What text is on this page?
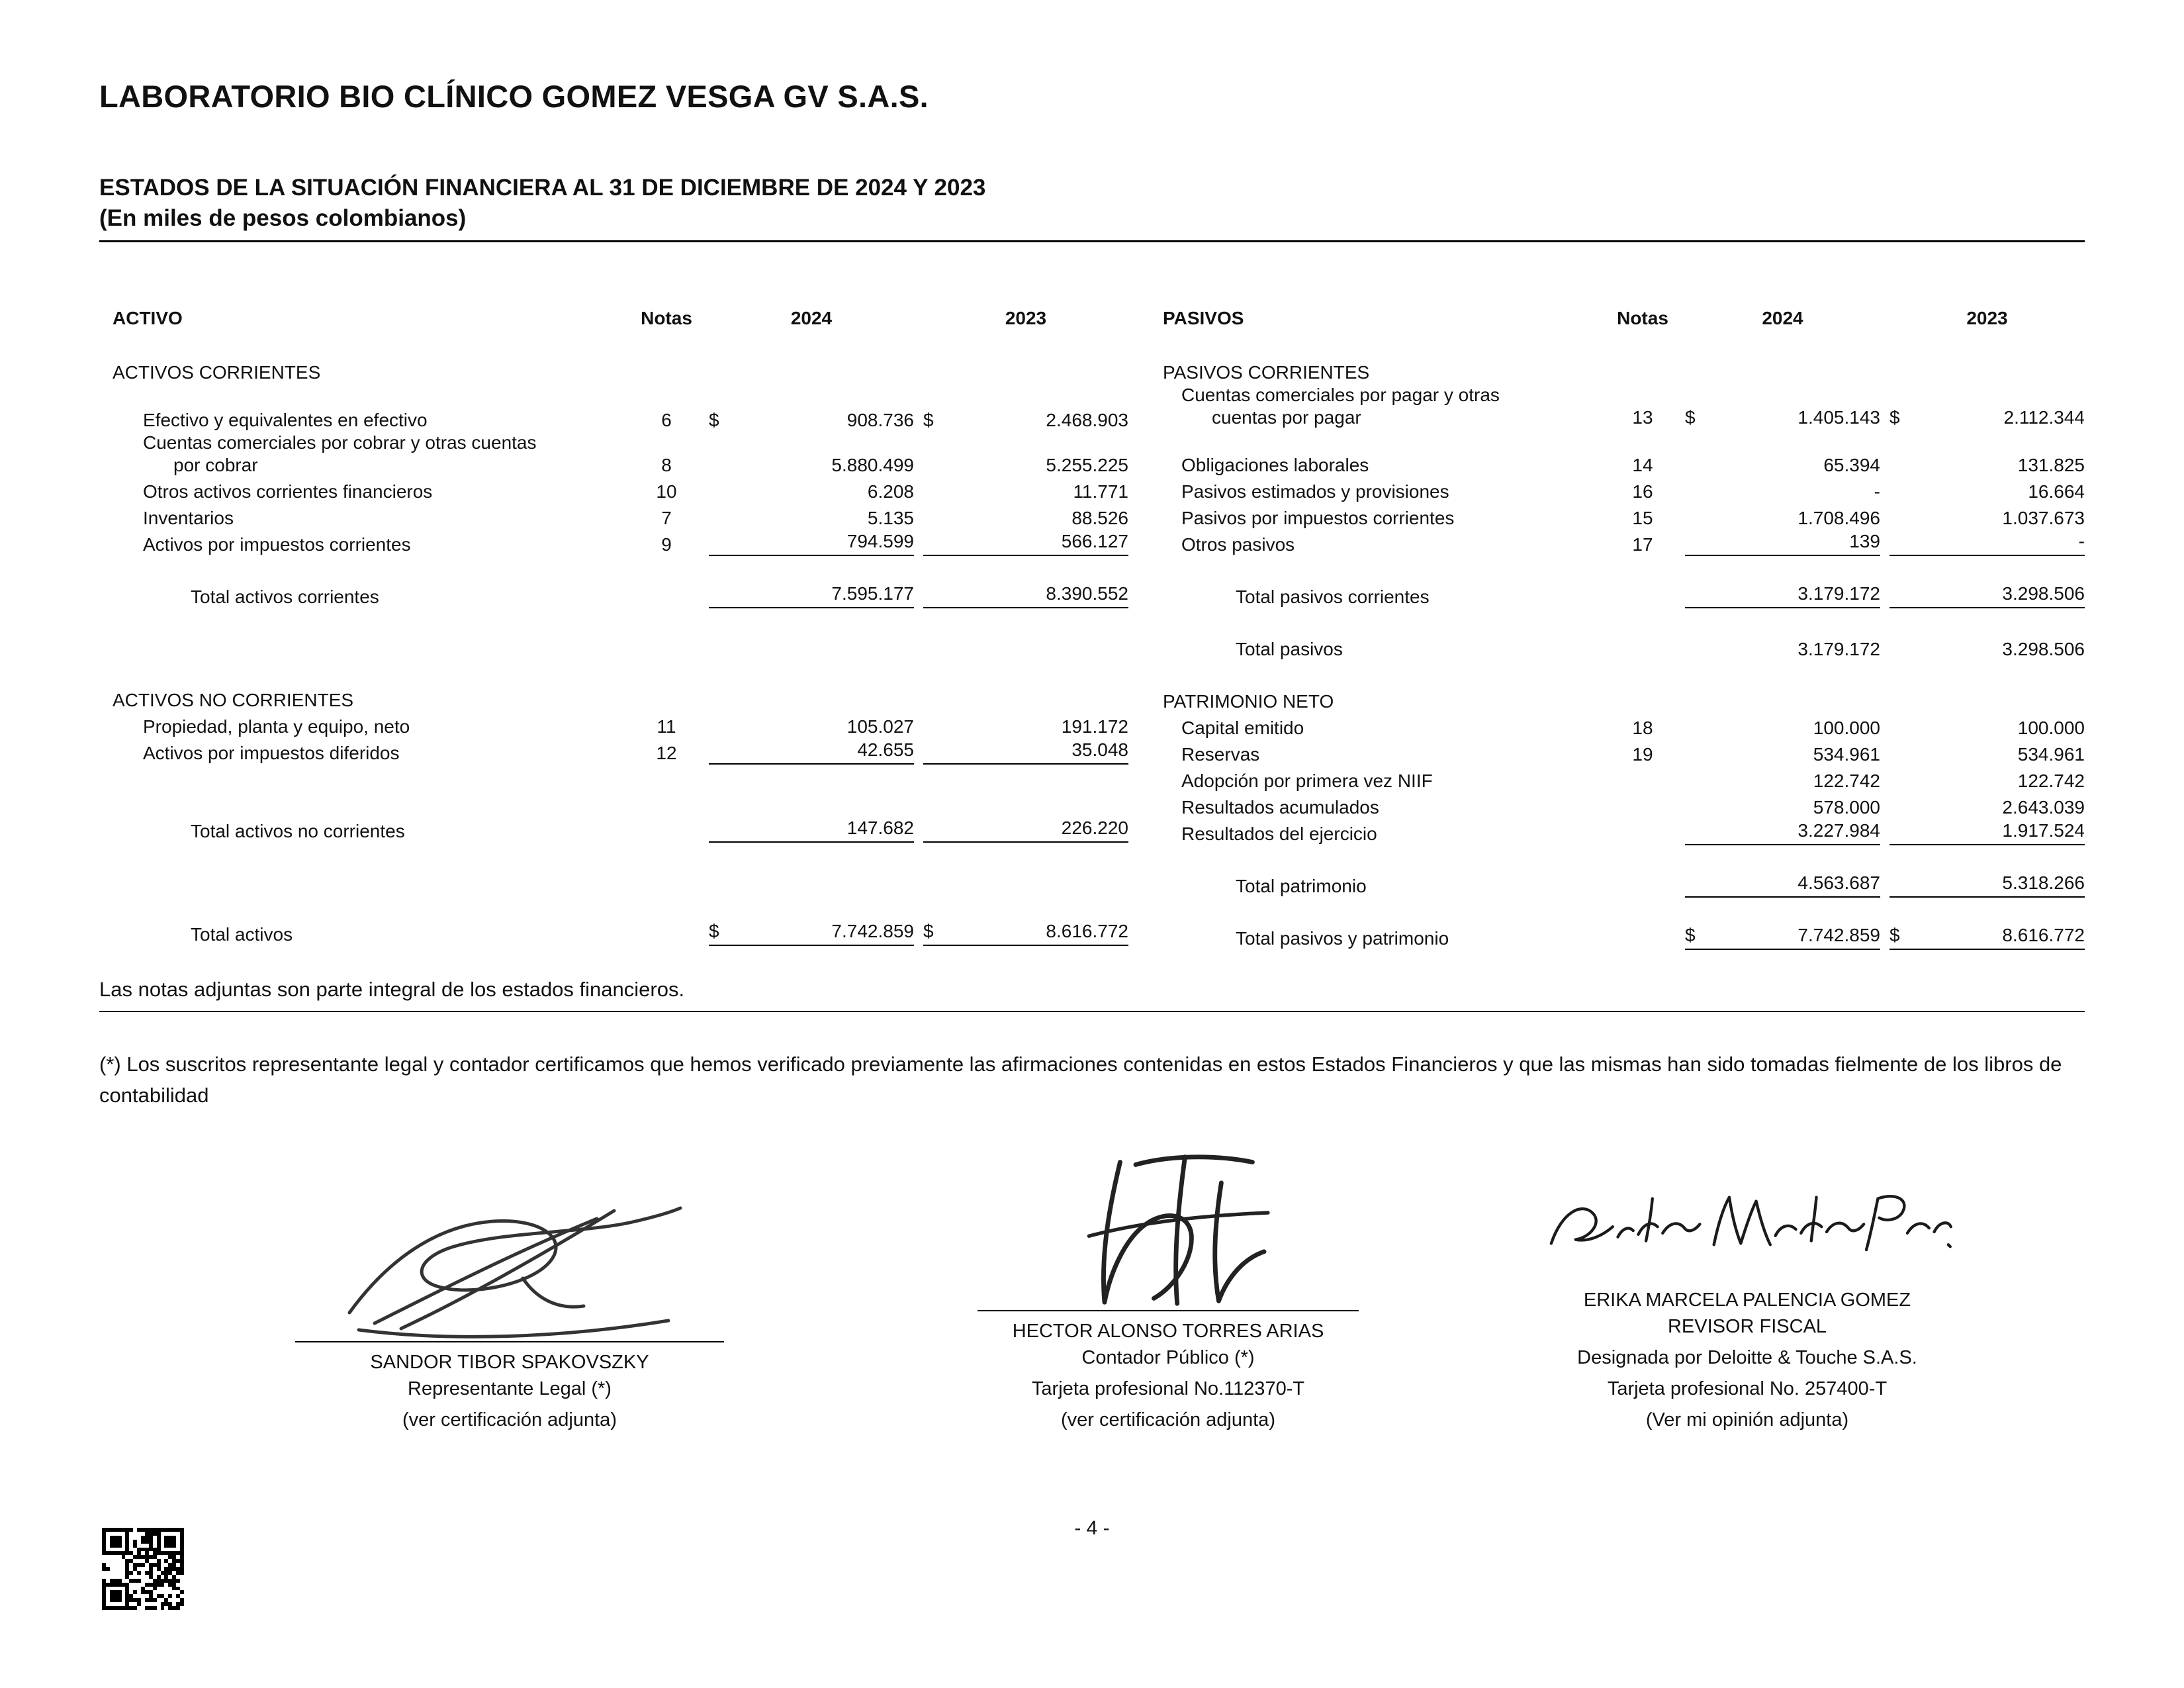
LABORATORIO BIO CLÍNICO GOMEZ VESGA GV S.A.S.
ESTADOS DE LA SITUACIÓN FINANCIERA AL 31 DE DICIEMBRE DE 2024 Y 2023
(En miles de pesos colombianos)
ACTIVO	Notas	2024	2023
ACTIVOS CORRIENTES
Efectivo y equivalentes en efectivo	6	$	908.736 $	2.468.903
Cuentas comerciales por cobrar y otras cuentas
por cobrar	8	5.880.499	5.255.225
Otros activos corrientes financieros	10	6.208	11.771
Inventarios	7	5.135	88.526
Activos por impuestos corrientes	9	794.599	566.127
Total activos corrientes	7.595.177	8.390.552
ACTIVOS NO CORRIENTES
Propiedad, planta y equipo, neto	11	105.027	191.172
Activos por impuestos diferidos	12	42.655	35.048
Total activos no corrientes	147.682	226.220
Total activos	$	7.742.859 $	8.616.772
PASIVOS	Notas	2024	2023
PASIVOS CORRIENTES
Cuentas comerciales por pagar y otras
cuentas por pagar	13	$	1.405.143 $	2.112.344
Obligaciones laborales	14	65.394	131.825
Pasivos estimados y provisiones	16	-	16.664
Pasivos por impuestos corrientes	15	1.708.496	1.037.673
Otros pasivos	17	139	-
Total pasivos corrientes	3.179.172	3.298.506
Total pasivos	3.179.172	3.298.506
PATRIMONIO NETO
Capital emitido	18	100.000	100.000
Reservas	19	534.961	534.961
Adopción por primera vez NIIF	122.742	122.742
Resultados acumulados	578.000	2.643.039
Resultados del ejercicio	3.227.984	1.917.524
Total patrimonio	4.563.687	5.318.266
Total pasivos y patrimonio	$	7.742.859 $	8.616.772
Las notas adjuntas son parte integral de los estados financieros.

(*) Los suscritos representante legal y contador certificamos que hemos verificado previamente las afirmaciones contenidas en estos Estados Financieros y que las mismas han sido tomadas fielmente de los libros de contabilidad

SANDOR TIBOR SPAKOVSZKY
Representante Legal (*)
(ver certificación adjunta)
HECTOR ALONSO TORRES ARIAS
Contador Público (*)
Tarjeta profesional No.112370-T
(ver certificación adjunta)
ERIKA MARCELA PALENCIA GOMEZ
REVISOR FISCAL
Designada por Deloitte & Touche S.A.S.
Tarjeta profesional No. 257400-T
(Ver mi opinión adjunta)
- 4 -
